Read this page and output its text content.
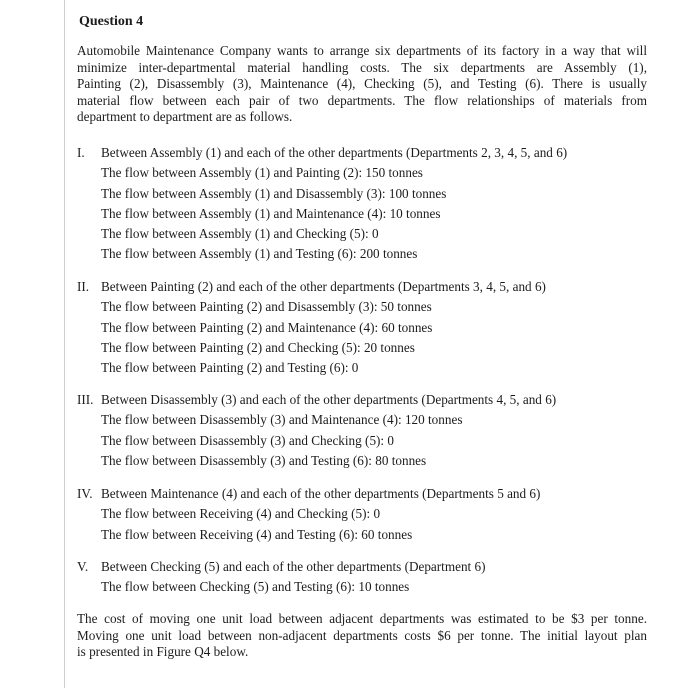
Question 4
Automobile Maintenance Company wants to arrange six departments of its factory in a way that will
minimize inter-departmental material handling costs. The six departments are Assembly (1),
Painting (2), Disassembly (3), Maintenance (4), Checking (5), and Testing (6). There is usually
material flow between each pair of two departments. The flow relationships of materials from
department to department are as follows.
I.	Between Assembly (1) and each of the other departments (Departments 2, 3, 4, 5, and 6)
The flow between Assembly (1) and Painting (2): 150 tonnes
The flow between Assembly (1) and Disassembly (3): 100 tonnes
The flow between Assembly (1) and Maintenance (4): 10 tonnes
The flow between Assembly (1) and Checking (5): 0
The flow between Assembly (1) and Testing (6): 200 tonnes
II. Between Painting (2) and each of the other departments (Departments 3, 4, 5, and 6)
The flow between Painting (2) and Disassembly (3): 50 tonnes
The flow between Painting (2) and Maintenance (4): 60 tonnes
The flow between Painting (2) and Checking (5): 20 tonnes
The flow between Painting (2) and Testing (6): 0
III. Between Disassembly (3) and each of the other departments (Departments 4, 5, and 6)
The flow between Disassembly (3) and Maintenance (4): 120 tonnes
The flow between Disassembly (3) and Checking (5): 0
The flow between Disassembly (3) and Testing (6): 80 tonnes
IV. Between Maintenance (4) and each of the other departments (Departments 5 and 6)
The flow between Receiving (4) and Checking (5): 0
The flow between Receiving (4) and Testing (6): 60 tonnes
V. Between Checking (5) and each of the other departments (Department 6)
The flow between Checking (5) and Testing (6): 10 tonnes
The cost of moving one unit load between adjacent departments was estimated to be $3 per tonne.
Moving one unit load between non-adjacent departments costs $6 per tonne. The initial layout plan
is presented in Figure Q4 below.
